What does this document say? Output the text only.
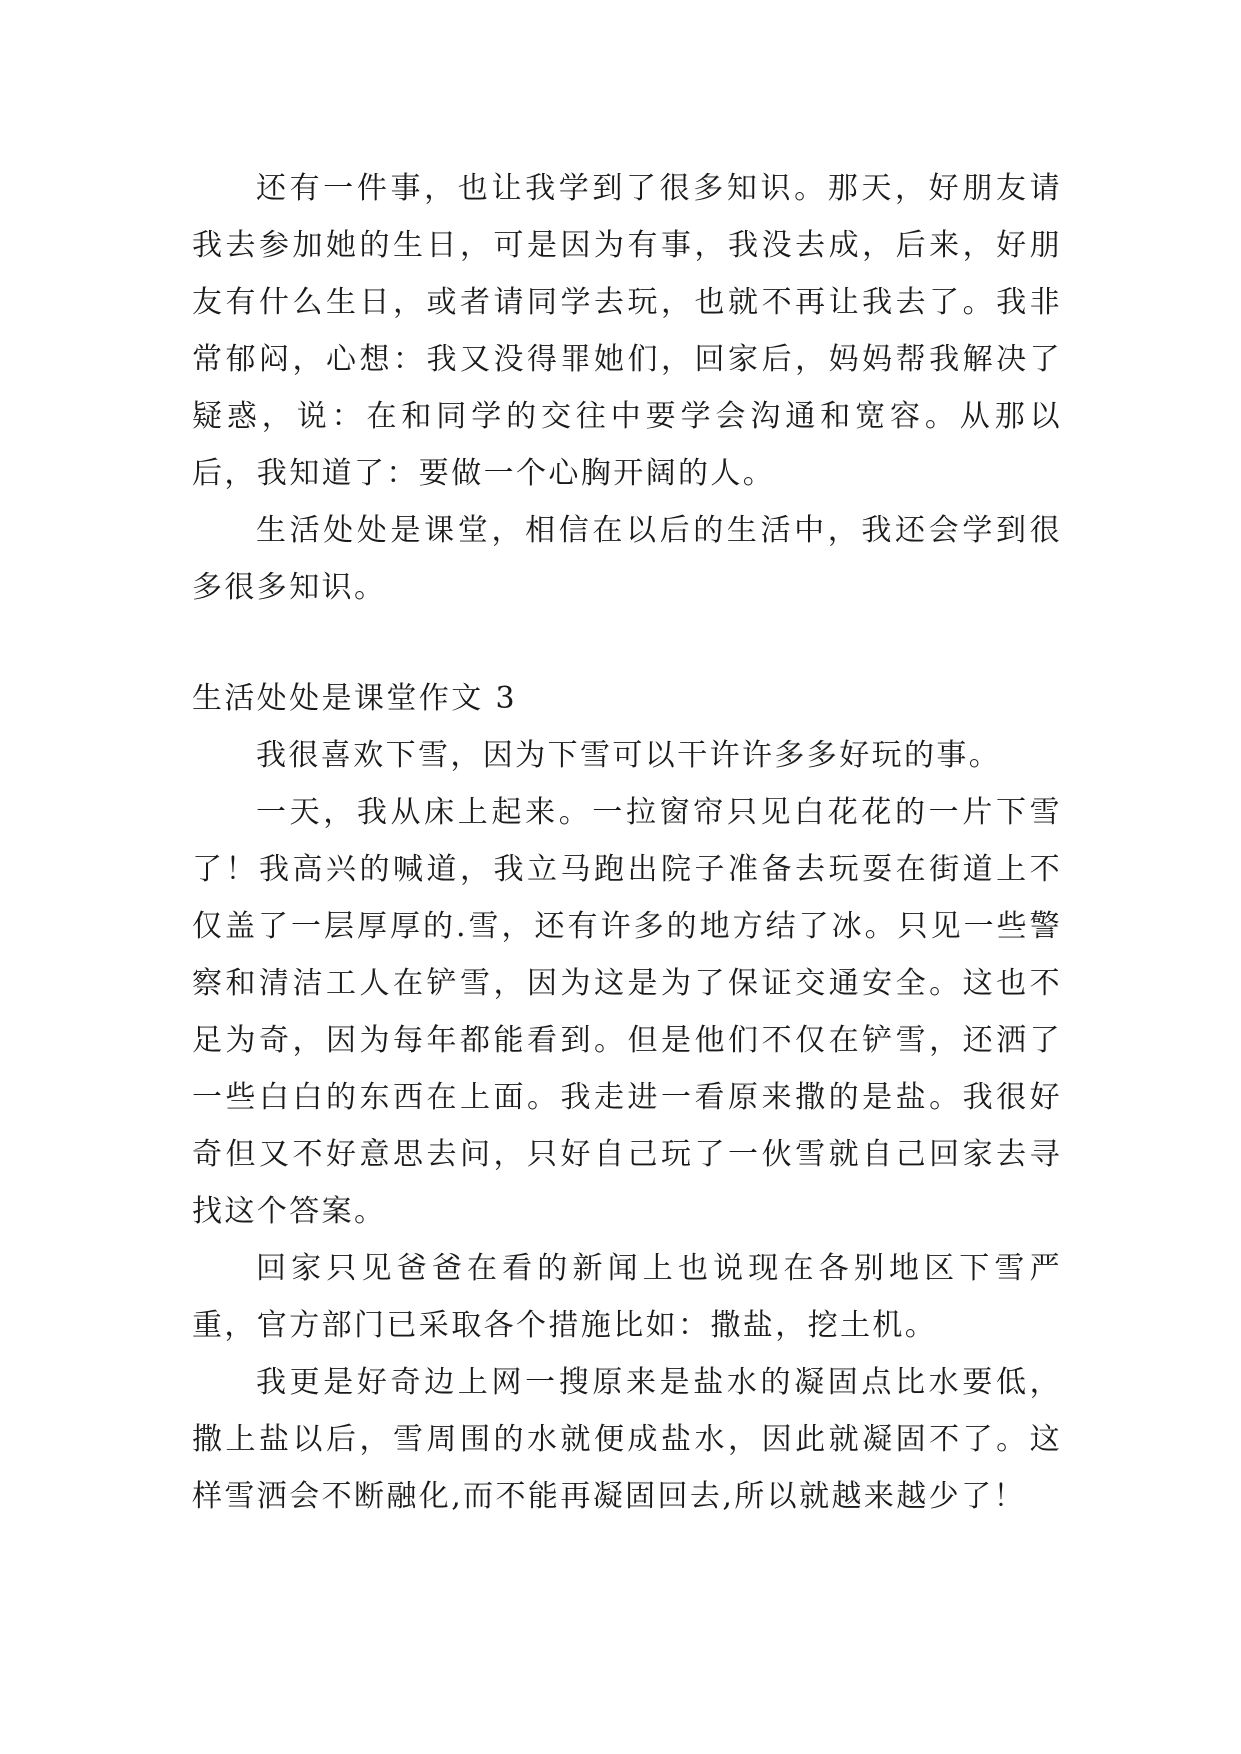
还有一件事，也让我学到了很多知识。那天，好朋友请我去参加她的生日，可是因为有事，我没去成，后来，好朋友有什么生日，或者请同学去玩，也就不再让我去了。我非常郁闷，心想：我又没得罪她们，回家后，妈妈帮我解决了疑惑，说：在和同学的交往中要学会沟通和宽容。从那以后，我知道了：要做一个心胸开阔的人。

生活处处是课堂，相信在以后的生活中，我还会学到很多很多知识。

生活处处是课堂作文 3

我很喜欢下雪，因为下雪可以干许许多多好玩的事。

一天，我从床上起来。一拉窗帘只见白花花的一片下雪了！我高兴的喊道，我立马跑出院子准备去玩耍在街道上不仅盖了一层厚厚的.雪，还有许多的地方结了冰。只见一些警察和清洁工人在铲雪，因为这是为了保证交通安全。这也不足为奇，因为每年都能看到。但是他们不仅在铲雪，还洒了一些白白的东西在上面。我走进一看原来撒的是盐。我很好奇但又不好意思去问，只好自己玩了一伙雪就自己回家去寻找这个答案。

回家只见爸爸在看的新闻上也说现在各别地区下雪严重，官方部门已采取各个措施比如：撒盐，挖土机。

我更是好奇边上网一搜原来是盐水的凝固点比水要低，撒上盐以后，雪周围的水就便成盐水，因此就凝固不了。这样雪洒会不断融化,而不能再凝固回去,所以就越来越少了！
